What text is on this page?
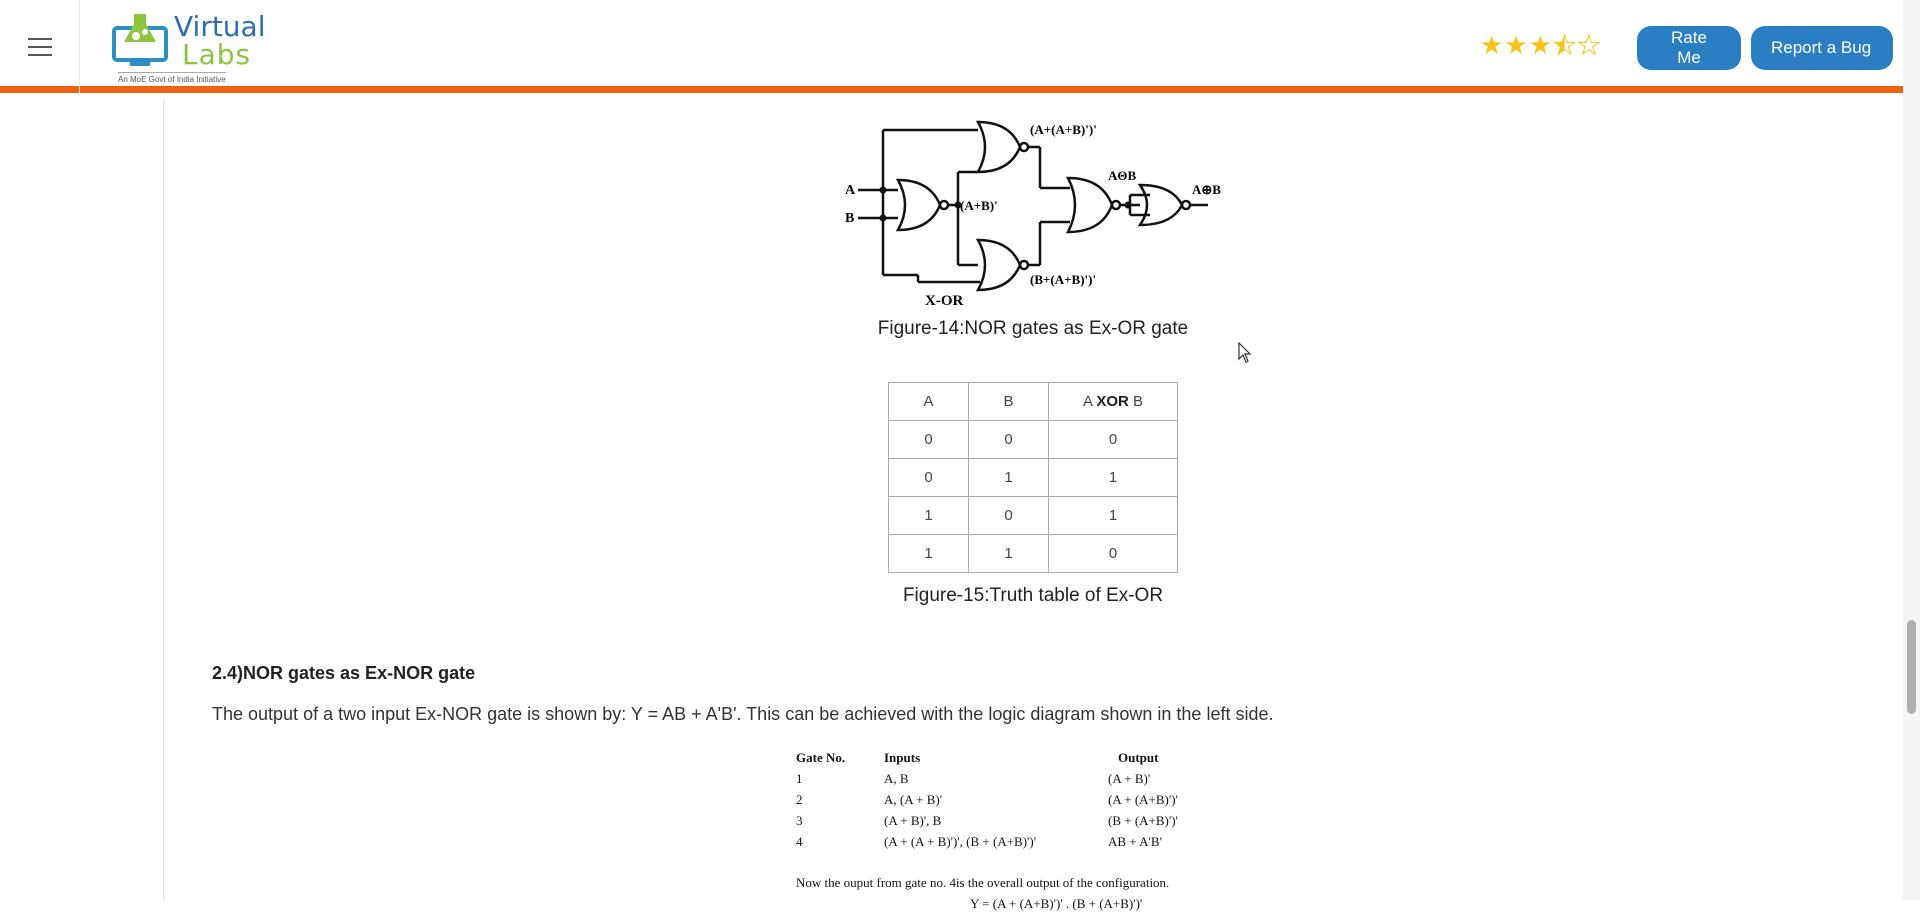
Virtual
Labs
An MoE Govt of India Initiative
★ ★ ★ ★ ★	Rate Me
Report a Bug
A
B
(A+B)'
(A+(A+B)')'
(B+(A+B)')'
AΘB
A⊕B
X-OR
Figure-14:NOR gates as Ex-OR gate
A	B	A XOR B
0	0	0
0	1	1
1	0	1
1	1	0
Figure-15:Truth table of Ex-OR
2.4)NOR gates as Ex-NOR gate
The output of a two input Ex-NOR gate is shown by: Y = AB + A'B'. This can be achieved with the logic diagram shown in the left side.
Gate No.	Inputs	Output
1	A, B	(A + B)'
2	A, (A + B)'	(A + (A+B)')'
3	(A + B)', B	(B + (A+B)')'
4	(A + (A + B)')', (B + (A+B)')'	AB + A'B'
Now the ouput from gate no. 4is the overall output of the configuration.
Y = (A + (A+B)')' . (B + (A+B)')'
